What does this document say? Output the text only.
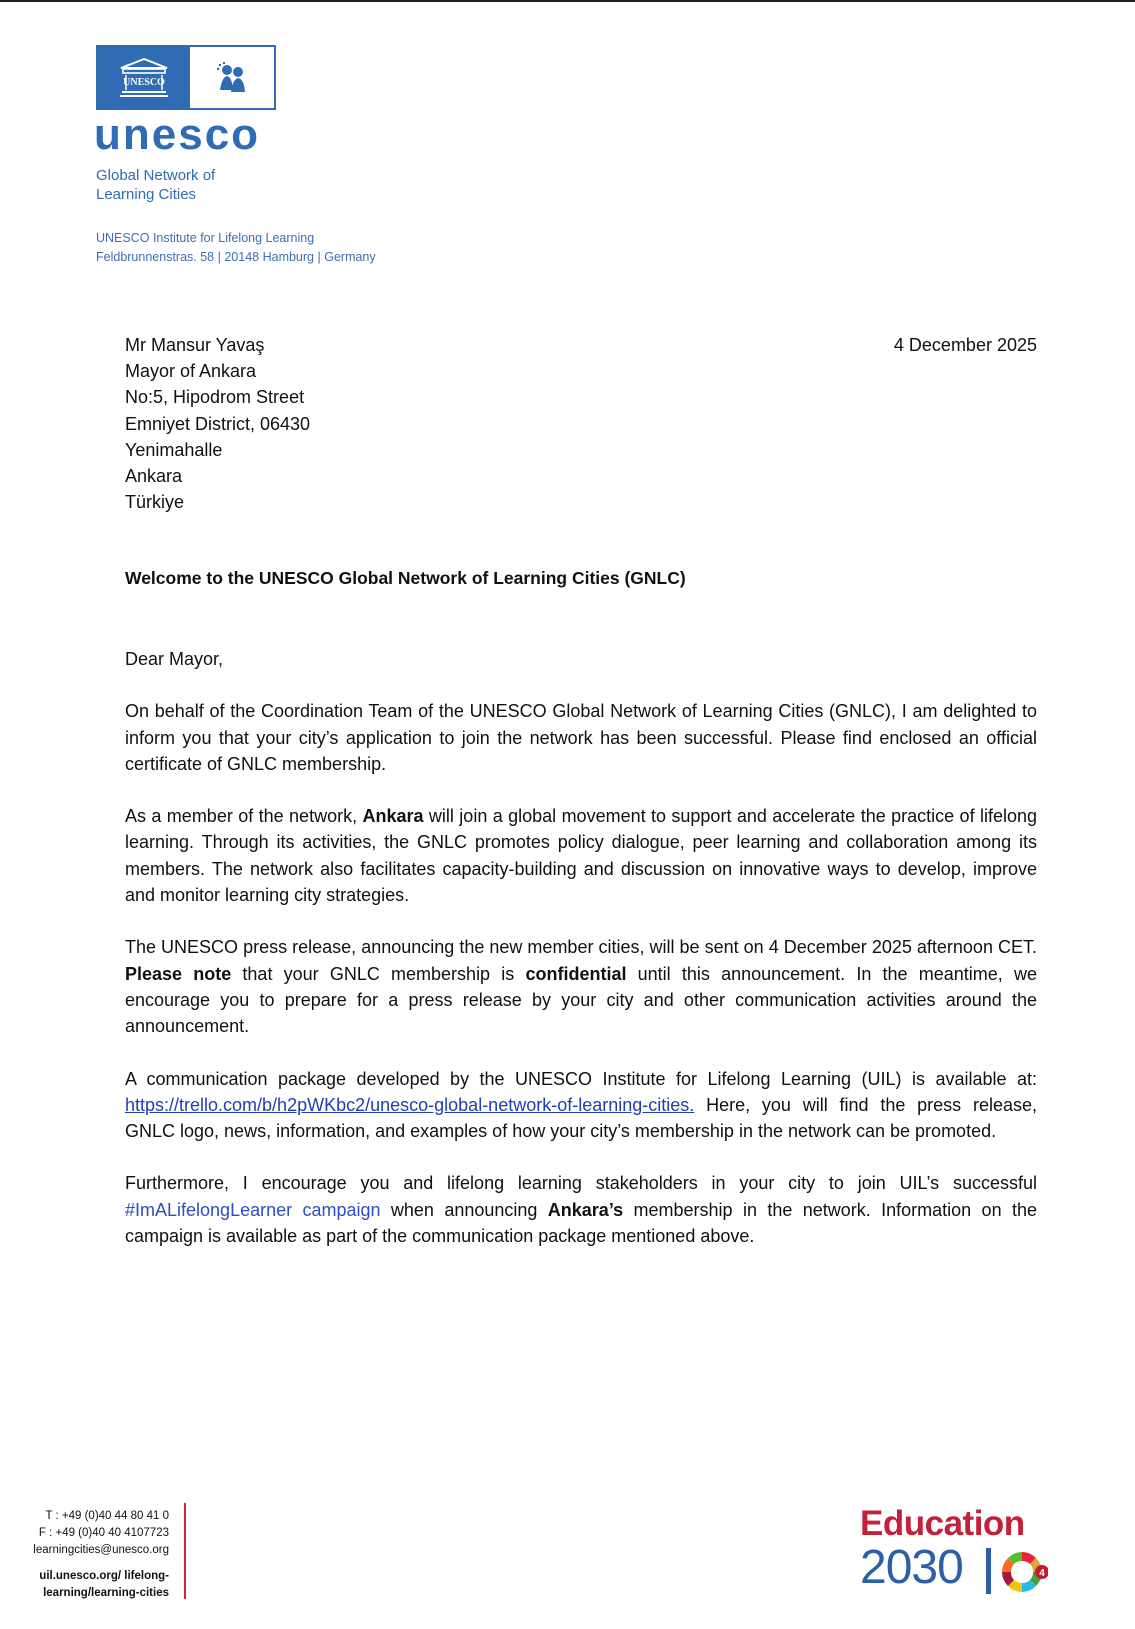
UNESCO
unesco
Global Network of
Learning Cities
UNESCO Institute for Lifelong Learning
Feldbrunnenstras. 58 | 20148 Hamburg | Germany
Mr Mansur Yavaş
Mayor of Ankara
No:5, Hipodrom Street
Emniyet District, 06430
Yenimahalle
Ankara
Türkiye
4 December 2025
Welcome to the UNESCO Global Network of Learning Cities (GNLC)

Dear Mayor,

On behalf of the Coordination Team of the UNESCO Global Network of Learning Cities (GNLC), I am delighted to inform you that your city’s application to join the network has been successful. Please find enclosed an official certificate of GNLC membership.

As a member of the network, Ankara will join a global movement to support and accelerate the practice of lifelong learning. Through its activities, the GNLC promotes policy dialogue, peer learning and collaboration among its members. The network also facilitates capacity-building and discussion on innovative ways to develop, improve and monitor learning city strategies.

The UNESCO press release, announcing the new member cities, will be sent on 4 December 2025 afternoon CET. Please note that your GNLC membership is confidential until this announcement. In the meantime, we encourage you to prepare for a press release by your city and other communication activities around the announcement.

A communication package developed by the UNESCO Institute for Lifelong Learning (UIL) is available at: https://trello.com/b/h2pWKbc2/unesco-global-network-of-learning-cities. Here, you will find the press release, GNLC logo, news, information, and examples of how your city’s membership in the network can be promoted.

Furthermore, I encourage you and lifelong learning stakeholders in your city to join UIL’s successful #ImALifelongLearner campaign when announcing Ankara’s membership in the network. Information on the campaign is available as part of the communication package mentioned above.

T : +49 (0)40 44 80 41 0
F : +49 (0)40 40 4107723
learningcities@unesco.org
uil.unesco.org/ lifelong-
learning/learning-cities
Education
2030	4
